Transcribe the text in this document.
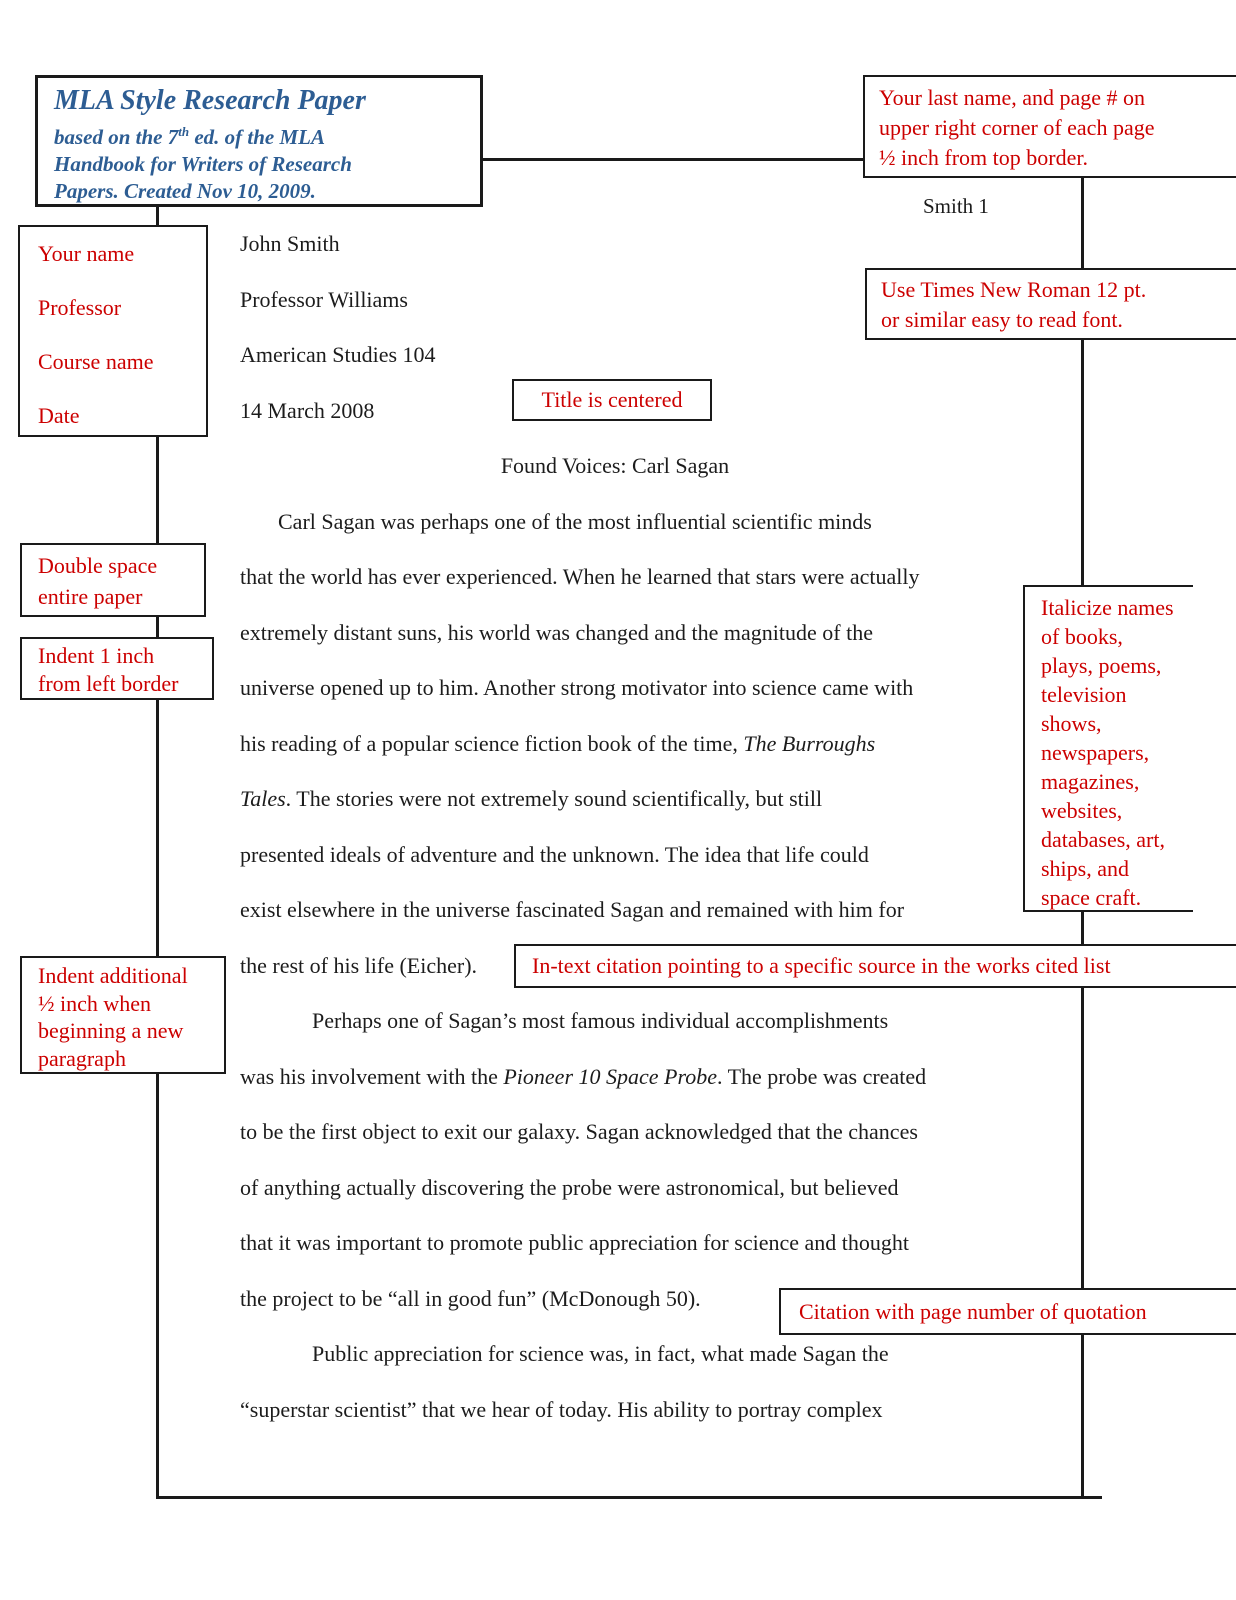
MLA Style Research Paper
based on the 7th ed. of the MLA
Handbook for Writers of Research
Papers. Created Nov 10, 2009.
Your last name, and page # on
upper right corner of each page
½ inch from top border.
Smith 1
Use Times New Roman 12 pt.
or similar easy to read font.
Title is centered
Your name
Professor
Course name
Date
Double space
entire paper
Indent 1 inch
from left border
Italicize names
of books,
plays, poems,
television
shows,
newspapers,
magazines,
websites,
databases, art,
ships, and
space craft.
Indent additional
½ inch when
beginning a new
paragraph
In-text citation pointing to a specific source in the works cited list
Citation with page number of quotation
John Smith
Professor Williams
American Studies 104
14 March 2008
Found Voices: Carl Sagan
Carl Sagan was perhaps one of the most influential scientific minds
that the world has ever experienced. When he learned that stars were actually
extremely distant suns, his world was changed and the magnitude of the
universe opened up to him. Another strong motivator into science came with
his reading of a popular science fiction book of the time, The Burroughs
Tales. The stories were not extremely sound scientifically, but still
presented ideals of adventure and the unknown. The idea that life could
exist elsewhere in the universe fascinated Sagan and remained with him for
the rest of his life (Eicher).
Perhaps one of Sagan’s most famous individual accomplishments
was his involvement with the Pioneer 10 Space Probe. The probe was created
to be the first object to exit our galaxy. Sagan acknowledged that the chances
of anything actually discovering the probe were astronomical, but believed
that it was important to promote public appreciation for science and thought
the project to be “all in good fun” (McDonough 50).
Public appreciation for science was, in fact, what made Sagan the
“superstar scientist” that we hear of today. His ability to portray complex
